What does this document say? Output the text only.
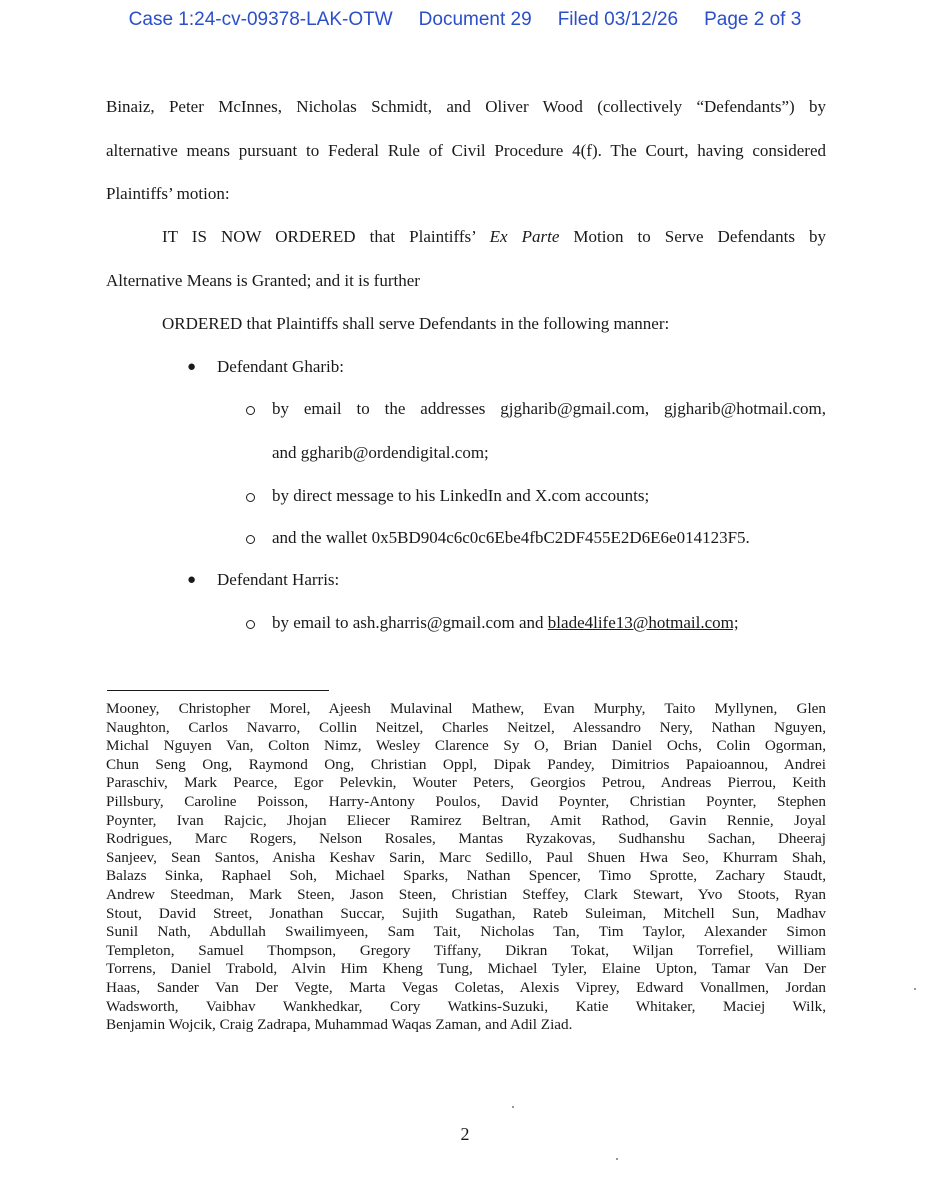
Case 1:24-cv-09378-LAK-OTW Document 29 Filed 03/12/26 Page 2 of 3
Binaiz, Peter McInnes, Nicholas Schmidt, and Oliver Wood (collectively “Defendants”) by
alternative means pursuant to Federal Rule of Civil Procedure 4(f). The Court, having considered
Plaintiffs’ motion:
IT IS NOW ORDERED that Plaintiffs’ Ex Parte Motion to Serve Defendants by
Alternative Means is Granted; and it is further
ORDERED that Plaintiffs shall serve Defendants in the following manner:
● Defendant Gharib:
by email to the addresses gjgharib@gmail.com, gjgharib@hotmail.com,
and ggharib@ordendigital.com;
by direct message to his LinkedIn and X.com accounts;
and the wallet 0x5BD904c6c0c6Ebe4fbC2DF455E2D6E6e014123F5.
● Defendant Harris:
by email to ash.gharris@gmail.com and blade4life13@hotmail.com;
Mooney, Christopher Morel, Ajeesh Mulavinal Mathew, Evan Murphy, Taito Myllynen, Glen
Naughton, Carlos Navarro, Collin Neitzel, Charles Neitzel, Alessandro Nery, Nathan Nguyen,
Michal Nguyen Van, Colton Nimz, Wesley Clarence Sy O, Brian Daniel Ochs, Colin Ogorman,
Chun Seng Ong, Raymond Ong, Christian Oppl, Dipak Pandey, Dimitrios Papaioannou, Andrei
Paraschiv, Mark Pearce, Egor Pelevkin, Wouter Peters, Georgios Petrou, Andreas Pierrou, Keith
Pillsbury, Caroline Poisson, Harry-Antony Poulos, David Poynter, Christian Poynter, Stephen
Poynter, Ivan Rajcic, Jhojan Eliecer Ramirez Beltran, Amit Rathod, Gavin Rennie, Joyal
Rodrigues, Marc Rogers, Nelson Rosales, Mantas Ryzakovas, Sudhanshu Sachan, Dheeraj
Sanjeev, Sean Santos, Anisha Keshav Sarin, Marc Sedillo, Paul Shuen Hwa Seo, Khurram Shah,
Balazs Sinka, Raphael Soh, Michael Sparks, Nathan Spencer, Timo Sprotte, Zachary Staudt,
Andrew Steedman, Mark Steen, Jason Steen, Christian Steffey, Clark Stewart, Yvo Stoots, Ryan
Stout, David Street, Jonathan Succar, Sujith Sugathan, Rateb Suleiman, Mitchell Sun, Madhav
Sunil Nath, Abdullah Swailimyeen, Sam Tait, Nicholas Tan, Tim Taylor, Alexander Simon
Templeton, Samuel Thompson, Gregory Tiffany, Dikran Tokat, Wiljan Torrefiel, William
Torrens, Daniel Trabold, Alvin Him Kheng Tung, Michael Tyler, Elaine Upton, Tamar Van Der
Haas, Sander Van Der Vegte, Marta Vegas Coletas, Alexis Viprey, Edward Vonallmen, Jordan
Wadsworth, Vaibhav Wankhedkar, Cory Watkins-Suzuki, Katie Whitaker, Maciej Wilk,
Benjamin Wojcik, Craig Zadrapa, Muhammad Waqas Zaman, and Adil Ziad.
2
